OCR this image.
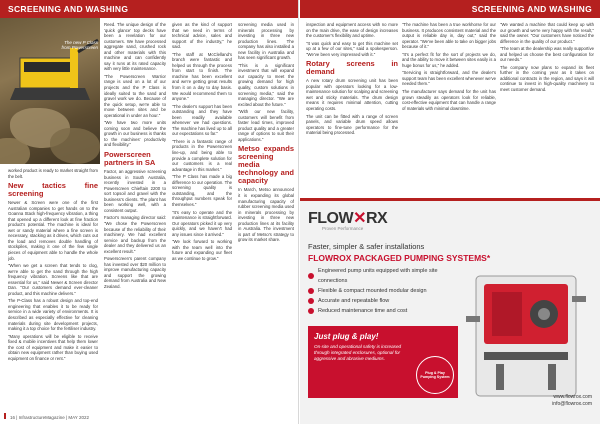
SCREENING AND WASHING
The new P Class from Powerscreen

worked product is ready to market straight from the belt.

New tactics fine screening

Newer & Screen were one of the first Australian companies to get hands on to the Goanna Stack high-frequency vibration, a thing that opened up a different look at fine fraction product's potential. The machine is ideal for wet or sandy material where a fine screen is necessary, stacking as it drives, which cuts out the load and removes double handling of stockpiles, making it one of the few single pieces of equipment able to handle the whole job.

"When we get a screen that tends to clog, we're able to get the sand through the high frequency vibration. Screens like that are essential for us," said Newer & Screen director Dan. "Our customers demand ever-cleaner product, and this machine delivers."

The P-Class has a robust design and top-end engineering that enables it to be ready for service in a wide variety of environments. It is described as especially effective for cleaning materials during site development projects, making it a top choice for the fertiliser industry.

"Many operations will be eligible to receive fixed & mobile incentives that help them lower the cost of equipment and make it easier to obtain new equipment rather than buying used equipment on finance or rent."

Reed. The unique design of the 'quick glance' top decks have been a revelation for our customers. We have processed aggregate sand, crushed rock and other materials with this machine and can confidently say it runs at its rated capacity with very little maintenance.

"The Powerscreen Warrior range is used on a lot of our projects and the P Class is ideally suited to the sand and gravel work we do. Because of the quick setup, we're able to move between sites and be operational in under an hour."

"We have two more units coming soon and believe the growth in our business is thanks to the machines' productivity and flexibility."

Powerscreen partners in SA

Factor, an aggressive screening business in South Australia, recently invested in a Powerscreen Chieftain 2200 to sort topsoil and gravel with the business's clients. The plant has been working well, with a consistent output.

Factor's managing director said: "We chose the Powerscreen because of the reliability of their machinery. We had excellent service and backup from the dealer and they delivered us an excellent result."

Powerscreen's parent company has invested over $20 million to improve manufacturing capacity and support the growing demand from Australia and New Zealand.

given as the kind of support that we need in terms of technical advice, sales and support of the industry," he said.

"The staff at McClelland's branch were fantastic and helped us through the process from start to finish. The machine has been excellent and we're getting great results from it on a day to day basis. We would recommend them to anyone."

"The dealer's support has been outstanding and they have been readily available whenever we had questions. The machine has lived up to all our expectations so far."

"There is a fantastic range of products in the Powerscreen line-up, and being able to provide a complete solution for our customers is a real advantage in this market."

"The P Class has made a big difference to our operation. The screening quality is outstanding, and the throughput numbers speak for themselves."

"It's easy to operate and the maintenance is straightforward. Our operators picked it up very quickly, and we haven't had any issues since it arrived."

"We look forward to working with the team well into the future and expanding our fleet as we continue to grow."

screening media used in minerals processing by investing in three new production lines. The company has also installed a new facility in Australia and has seen significant growth.

"This is a significant investment that will expand our capacity to meet the growing demand for high quality, custom solutions in screening media," said the managing director. "We are excited about the future."

"With our new facility, customers will benefit from faster lead times, improved product quality and a greater range of options to suit their applications."

Metso expands screening media technology and capacity

In March, Metso announced it is expanding its global manufacturing capacity of rubber screening media used in minerals processing by investing in three new production lines at its facility in Australia. The investment is part of Metso's strategy to grow its market share.

16 | InfrastructureMagazine | MAY 2022
SCREENING AND WASHING

inspection and equipment access with no more on the main drive, the ease of design increases the customer's flexibility and uptime.

"It was quick and easy to get this machine set up at a few of our sites," said a spokesperson. "We've been very impressed with it."

Rotary screens in demand

A new rotary drum screening unit has been popular with operators looking for a low-maintenance solution for scalping and screening wet and sticky materials. The drum design means it requires minimal attention, cutting operating costs.

The unit can be fitted with a range of screen panels, and variable drum speed allows operators to fine-tune performance for the material being processed.

"The machine has been a true workhorse for our business. It produces consistent material and the output is reliable day in, day out," said the operator. "We've been able to take on bigger jobs because of it."

"It's a perfect fit for the sort of projects we do, and the ability to move it between sites easily is a huge bonus for us," he added.

"Servicing is straightforward, and the dealer's support team has been excellent whenever we've needed them."

The manufacturer says demand for the unit has grown steadily as operators look for reliable, cost-effective equipment that can handle a range of materials with minimal downtime.

"We wanted a machine that could keep up with our growth and we're very happy with the result," said the owner. "Our customers have noticed the difference in the quality of our product."

"The team at the dealership was really supportive and helped us choose the best configuration for our needs."

The company now plans to expand its fleet further in the coming year as it takes on additional contracts in the region, and says it will continue to invest in high-quality machinery to meet customer demand.

FLOW✕RX
Proven Performance
Faster, simpler & safer installations
FLOWROX PACKAGED PUMPING SYSTEMS*
Engineered pump units equipped with simple site connections
Flexible & compact mounted modular design
Accurate and repeatable flow
Reduced maintenance time and cost
Just plug & play!
On-site and operational safety is increased through integrated enclosures, optional for aggressive and abrasive mediums.
Plug & Play Pumping System
www.flowrox.com
info@flowrox.com
